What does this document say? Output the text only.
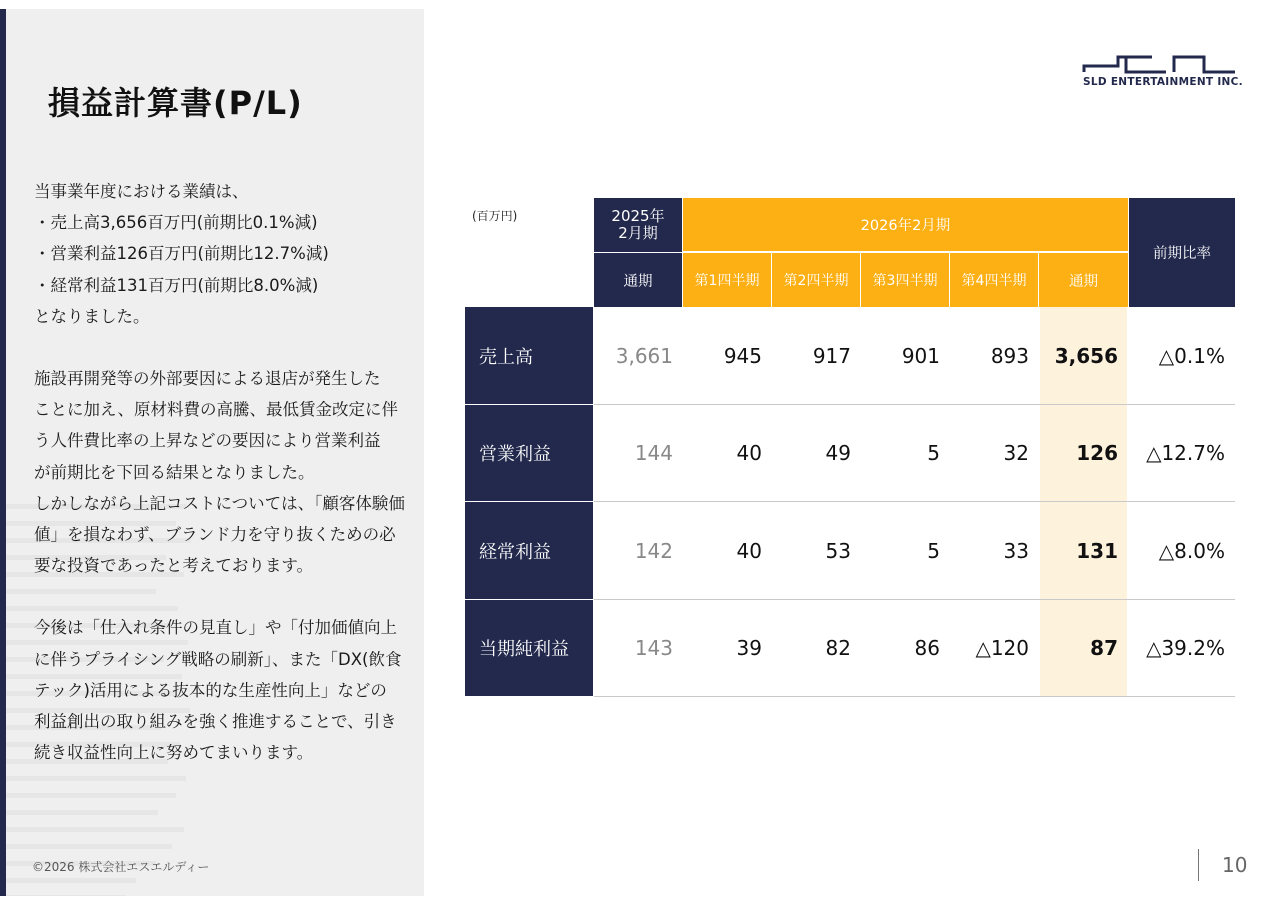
損益計算書(P/L)

当事業年度における業績は、
・売上高3,656百万円(前期比0.1%減)
・営業利益126百万円(前期比12.7%減)
・経常利益131百万円(前期比8.0%減)
となりました。

施設再開発等の外部要因による退店が発生した
ことに加え、原材料費の高騰、最低賃金改定に伴
う人件費比率の上昇などの要因により営業利益
が前期比を下回る結果となりました。
しかしながら上記コストについては、「顧客体験価
値」を損なわず、ブランド力を守り抜くための必
要な投資であったと考えております。

今後は「仕入れ条件の見直し」や「付加価値向上
に伴うプライシング戦略の刷新」、また「DX(飲食
テック)活用による抜本的な生産性向上」などの
利益創出の取り組みを強く推進することで、引き
続き収益性向上に努めてまいります。

©2026 株式会社エスエルディー
SLD ENTERTAINMENT INC.
(百万円)	2025年
2月期	2026年2月期
前期比率
通期	第1四半期	第2四半期	第3四半期	第4四半期	通期
売上高	3,661	945	917	901	893	3,656	△0.1%
営業利益	144	40	49	5	32	126	△12.7%
経常利益	142	40	53	5	33	131	△8.0%
当期純利益	143	39	82	86	△120	87	△39.2%
10
